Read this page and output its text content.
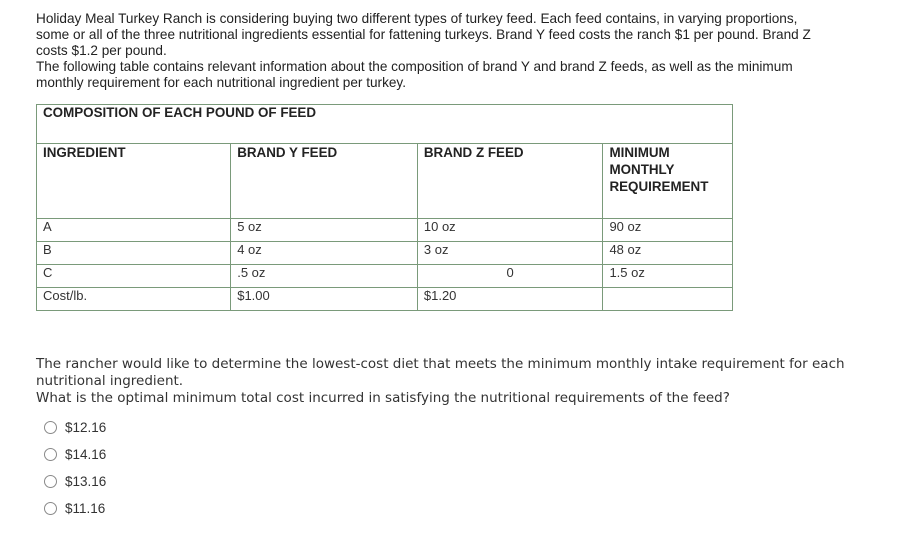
Holiday Meal Turkey Ranch is considering buying two different types of turkey feed. Each feed contains, in varying proportions,

some or all of the three nutritional ingredients essential for fattening turkeys. Brand Y feed costs the ranch $1 per pound. Brand Z

costs $1.2 per pound.

The following table contains relevant information about the composition of brand Y and brand Z feeds, as well as the minimum

monthly requirement for each nutritional ingredient per turkey.

COMPOSITION OF EACH POUND OF FEED			
INGREDIENT	BRAND Y FEED	BRAND Z FEED	MINIMUM MONTHLY REQUIREMENT
A	5 oz	10 oz	90 oz
B	4 oz	3 oz	48 oz
C	.5 oz	0	1.5 oz
Cost/lb.	$1.00	$1.20	

The rancher would like to determine the lowest-cost diet that meets the minimum monthly intake requirement for each

nutritional ingredient.

What is the optimal minimum total cost incurred in satisfying the nutritional requirements of the feed?

$12.16
$14.16
$13.16
$11.16
